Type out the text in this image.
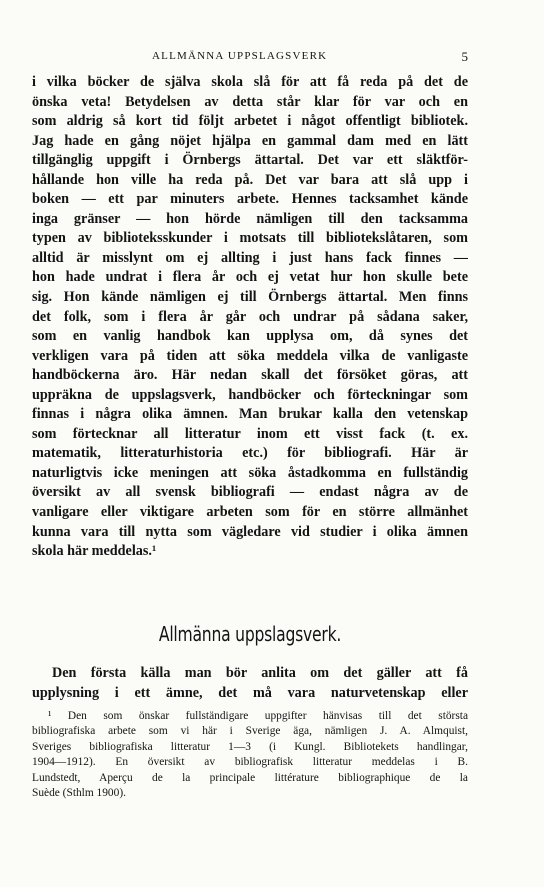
ALLMÄNNA UPPSLAGSVERK	5
i vilka böcker de själva skola slå för att få reda på det de
önska veta! Betydelsen av detta står klar för var och en
som aldrig så kort tid följt arbetet i något offentligt bibliotek.
Jag hade en gång nöjet hjälpa en gammal dam med en lätt
tillgänglig uppgift i Örnbergs ättartal. Det var ett släktför-
hållande hon ville ha reda på. Det var bara att slå upp i
boken — ett par minuters arbete. Hennes tacksamhet kände
inga gränser — hon hörde nämligen till den tacksamma
typen av biblioteksskunder i motsats till bibliotekslåtaren, som
alltid är misslynt om ej allting i just hans fack finnes —
hon hade undrat i flera år och ej vetat hur hon skulle bete
sig. Hon kände nämligen ej till Örnbergs ättartal. Men finns
det folk, som i flera år går och undrar på sådana saker,
som en vanlig handbok kan upplysa om, då synes det
verkligen vara på tiden att söka meddela vilka de vanligaste
handböckerna äro. Här nedan skall det försöket göras, att
uppräkna de uppslagsverk, handböcker och förteckningar som
finnas i några olika ämnen. Man brukar kalla den vetenskap
som förtecknar all litteratur inom ett visst fack (t. ex.
matematik, litteraturhistoria etc.) för bibliografi. Här är
naturligtvis icke meningen att söka åstadkomma en fullständig
översikt av all svensk bibliografi — endast några av de
vanligare eller viktigare arbeten som för en större allmänhet
kunna vara till nytta som vägledare vid studier i olika ämnen
skola här meddelas.¹
Allmänna uppslagsverk.
Den första källa man bör anlita om det gäller att få
upplysning i ett ämne, det må vara naturvetenskap eller
¹ Den som önskar fullständigare uppgifter hänvisas till det största
bibliografiska arbete som vi här i Sverige äga, nämligen J. A. Almquist,
Sveriges bibliografiska litteratur 1—3 (i Kungl. Bibliotekets handlingar,
1904—1912). En översikt av bibliografisk litteratur meddelas i B.
Lundstedt, Aperçu de la principale littérature bibliographique de la
Suède (Sthlm 1900).
